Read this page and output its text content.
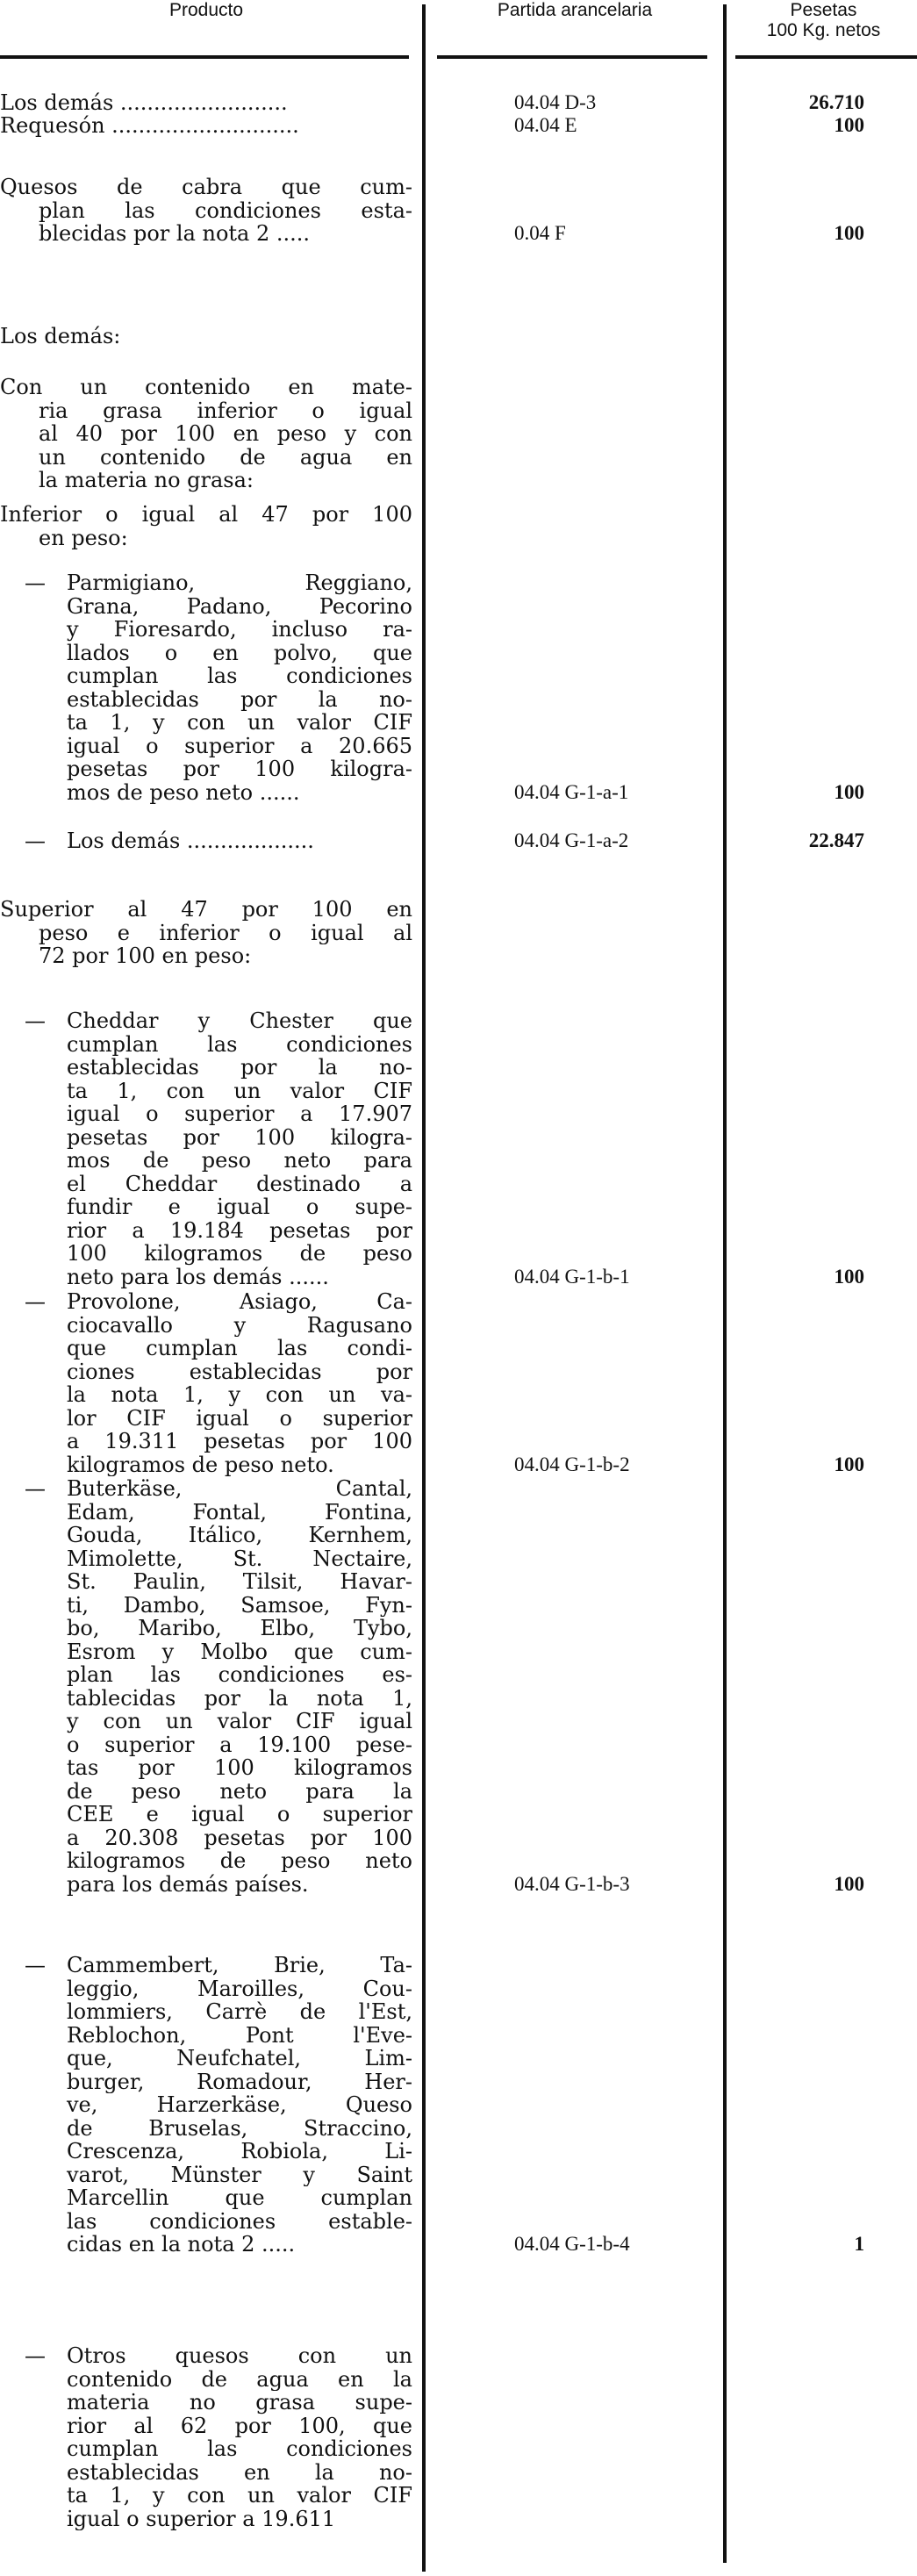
Producto	Partida arancelaria	Pesetas
100 Kg. netos
Los demás .........................	04.04 D-3	26.710
Requesón ............................	04.04 E	100
Quesos de cabra que cum-
plan las condiciones esta-
blecidas por la nota 2 .....	0.04 F	100
Los demás:
Con un contenido en mate-
ria grasa inferior o igual
al 40 por 100 en peso y con
un contenido de agua en
la materia no grasa:
Inferior o igual al 47 por 100
en peso:
—	Parmigiano, Reggiano,
Grana, Padano, Pecorino
y Fioresardo, incluso ra-
llados o en polvo, que
cumplan las condiciones
establecidas por la no-
ta 1, y con un valor CIF
igual o superior a 20.665
pesetas por 100 kilogra-
mos de peso neto ......	04.04 G-1-a-1	100
—	Los demás ...................	04.04 G-1-a-2	22.847
Superior al 47 por 100 en
peso e inferior o igual al
72 por 100 en peso:
—	Cheddar y Chester que
cumplan las condiciones
establecidas por la no-
ta 1, con un valor CIF
igual o superior a 17.907
pesetas por 100 kilogra-
mos de peso neto para
el Cheddar destinado a
fundir e igual o supe-
rior a 19.184 pesetas por
100 kilogramos de peso
neto para los demás ......	04.04 G-1-b-1	100
—	Provolone, Asiago, Ca-
ciocavallo y Ragusano
que cumplan las condi-
ciones establecidas por
la nota 1, y con un va-
lor CIF igual o superior
a 19.311 pesetas por 100
kilogramos de peso neto.	04.04 G-1-b-2	100
—	Buterkäse, Cantal,
Edam, Fontal, Fontina,
Gouda, Itálico, Kernhem,
Mimolette, St. Nectaire,
St. Paulin, Tilsit, Havar-
ti, Dambo, Samsoe, Fyn-
bo, Maribo, Elbo, Tybo,
Esrom y Molbo que cum-
plan las condiciones es-
tablecidas por la nota 1,
y con un valor CIF igual
o superior a 19.100 pese-
tas por 100 kilogramos
de peso neto para la
CEE e igual o superior
a 20.308 pesetas por 100
kilogramos de peso neto
para los demás países.	04.04 G-1-b-3	100
—	Cammembert, Brie, Ta-
leggio, Maroilles, Cou-
lommiers, Carrè de l'Est,
Reblochon, Pont l'Eve-
que, Neufchatel, Lim-
burger, Romadour, Her-
ve, Harzerkäse, Queso
de Bruselas, Straccino,
Crescenza, Robiola, Li-
varot, Münster y Saint
Marcellin que cumplan
las condiciones estable-
cidas en la nota 2 .....	04.04 G-1-b-4	1
—	Otros quesos con un
contenido de agua en la
materia no grasa supe-
rior al 62 por 100, que
cumplan las condiciones
establecidas en la no-
ta 1, y con un valor CIF
igual o superior a 19.611
